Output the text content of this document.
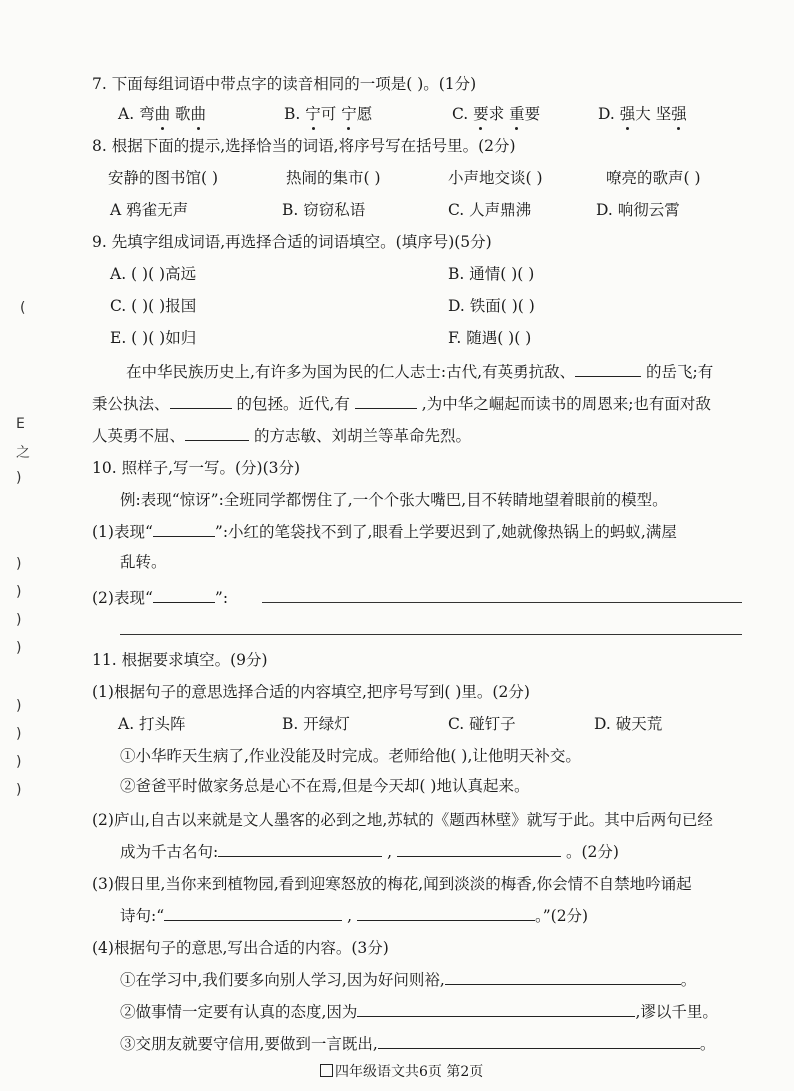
(
E
之
)
)
)
)
)
)
)
)
)
7. 下面每组词语中带点字的读音相同的一项是( )。(1分)
A. 弯曲 歌曲	B. 宁可 宁愿	C. 要求 重要	D. 强大 坚强
8. 根据下面的提示,选择恰当的词语,将序号写在括号里。(2分)
安静的图书馆( )	热闹的集市( )	小声地交谈( )	嘹亮的歌声( )
A 鸦雀无声	B. 窃窃私语	C. 人声鼎沸	D. 响彻云霄
9. 先填字组成词语,再选择合适的词语填空。(填序号)(5分)
A. ( )( )高远	B. 通情( )( )
C. ( )( )报国	D. 铁面( )( )
E. ( )( )如归	F. 随遇( )( )
在中华民族历史上,有许多为国为民的仁人志士:古代,有英勇抗敌、	的岳飞;有
秉公执法、	的包拯。近代,有	,为中华之崛起而读书的周恩来;也有面对敌
人英勇不屈、	的方志敏、刘胡兰等革命先烈。
10. 照样子,写一写。(分)(3分)
例:表现“惊讶”:全班同学都愣住了,一个个张大嘴巴,目不转睛地望着眼前的模型。
(1)表现“	”:小红的笔袋找不到了,眼看上学要迟到了,她就像热锅上的蚂蚁,满屋
乱转。
(2)表现“	”:
11. 根据要求填空。(9分)
(1)根据句子的意思选择合适的内容填空,把序号写到( )里。(2分)
A. 打头阵	B. 开绿灯	C. 碰钉子	D. 破天荒
①小华昨天生病了,作业没能及时完成。老师给他( ),让他明天补交。
②爸爸平时做家务总是心不在焉,但是今天却( )地认真起来。
(2)庐山,自古以来就是文人墨客的必到之地,苏轼的《题西林壁》就写于此。其中后两句已经
成为千古名句:	,	。(2分)
(3)假日里,当你来到植物园,看到迎寒怒放的梅花,闻到淡淡的梅香,你会情不自禁地吟诵起
诗句:“	,	。”(2分)
(4)根据句子的意思,写出合适的内容。(3分)
①在学习中,我们要多向别人学习,因为好问则裕,	。
②做事情一定要有认真的态度,因为	,谬以千里。
③交朋友就要守信用,要做到一言既出,	。
四年级语文共6页 第2页
